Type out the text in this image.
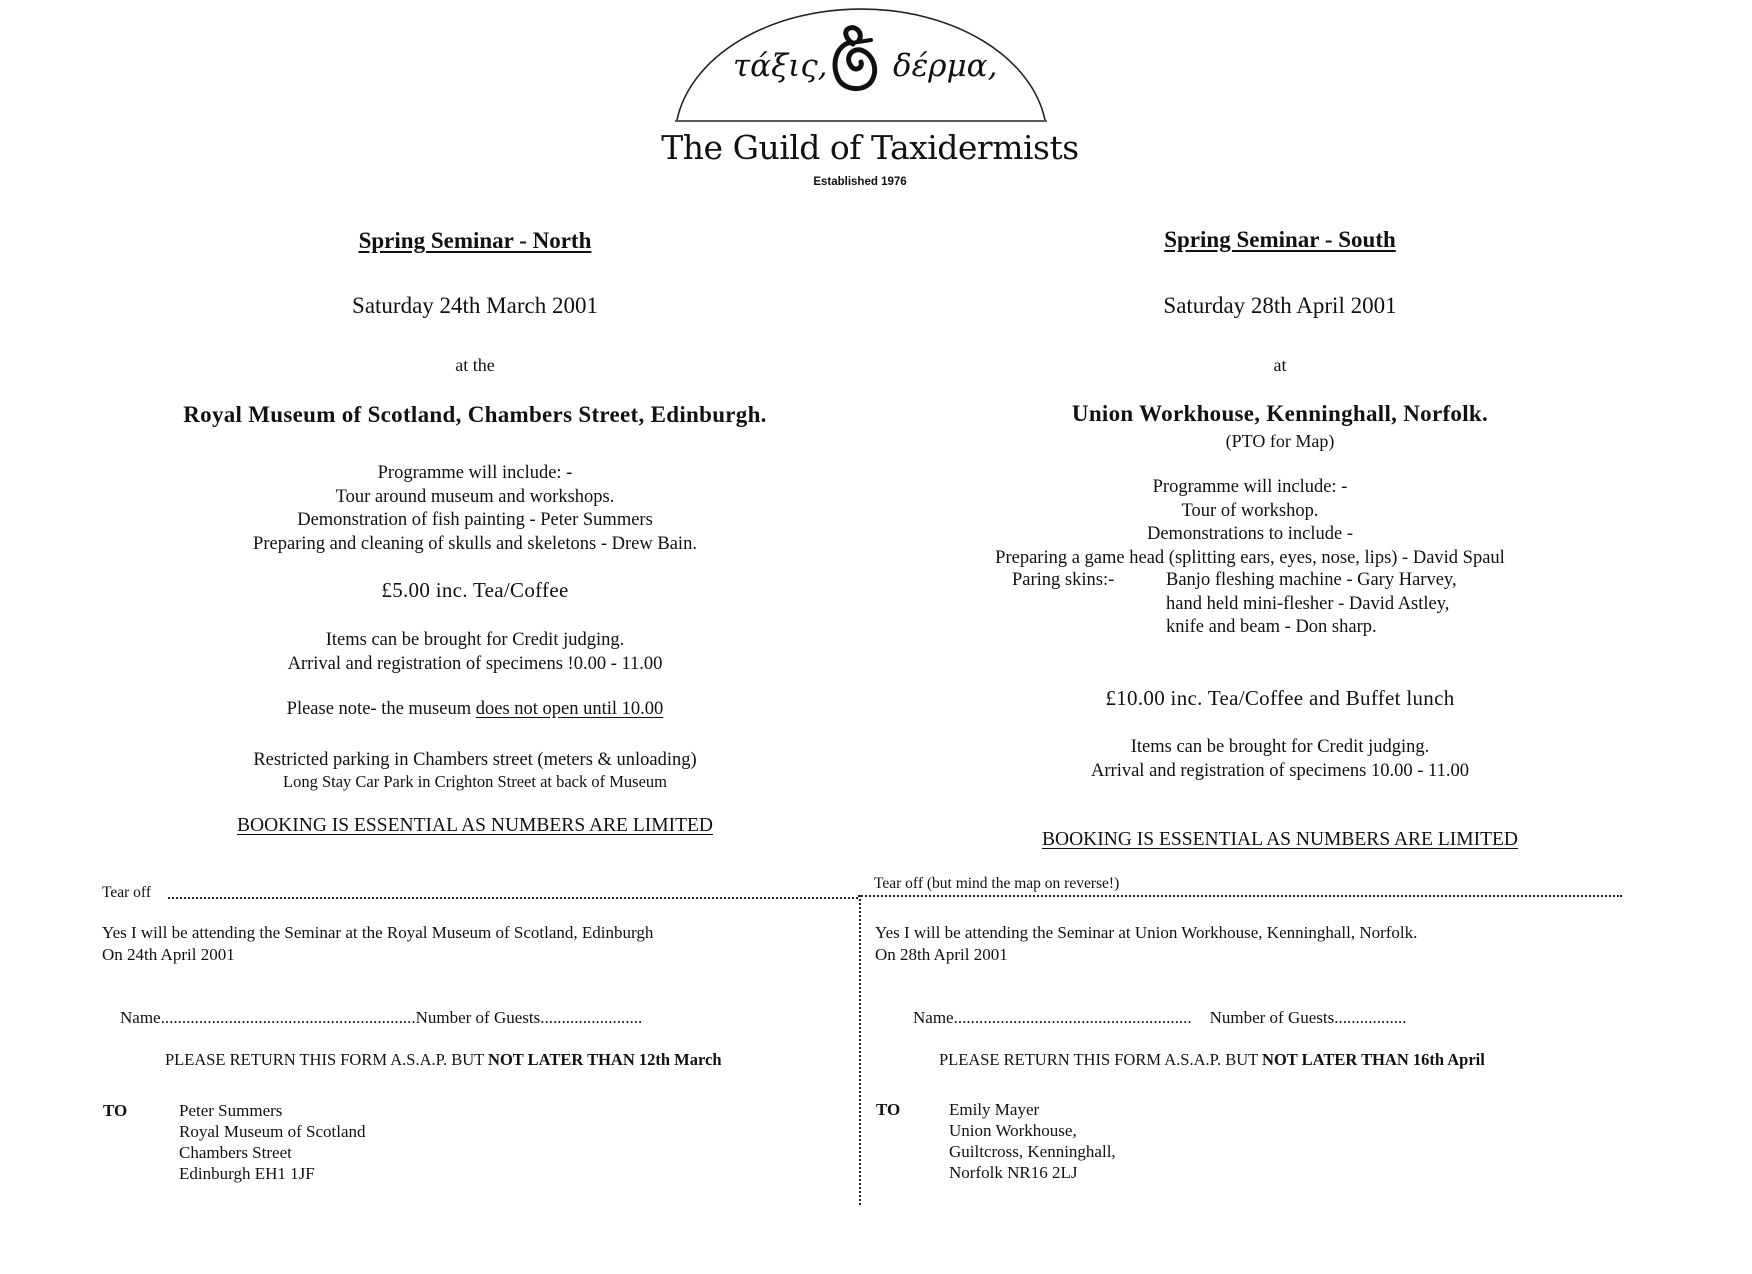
τάξις, δέρμα,
The Guild of Taxidermists
Established 1976
Spring Seminar - North
Saturday 24th March 2001
at the
Royal Museum of Scotland, Chambers Street, Edinburgh.
Programme will include: -
Tour around museum and workshops.
Demonstration of fish painting - Peter Summers
Preparing and cleaning of skulls and skeletons - Drew Bain.
£5.00 inc. Tea/Coffee
Items can be brought for Credit judging.
Arrival and registration of specimens !0.00 - 11.00
Please note- the museum does not open until 10.00
Restricted parking in Chambers street (meters & unloading)
Long Stay Car Park in Crighton Street at back of Museum
BOOKING IS ESSENTIAL AS NUMBERS ARE LIMITED
Spring Seminar - South
Saturday 28th April 2001
at
Union Workhouse, Kenninghall, Norfolk.
(PTO for Map)
Programme will include: -
Tour of workshop.
Demonstrations to include -
Preparing a game head (splitting ears, eyes, nose, lips) - David Spaul
Paring skins:-	Banjo fleshing machine - Gary Harvey,
hand held mini-flesher - David Astley,
knife and beam - Don sharp.
£10.00 inc. Tea/Coffee and Buffet lunch
Items can be brought for Credit judging.
Arrival and registration of specimens 10.00 - 11.00
BOOKING IS ESSENTIAL AS NUMBERS ARE LIMITED
Tear off
Tear off (but mind the map on reverse!)
Yes I will be attending the Seminar at the Royal Museum of Scotland, Edinburgh
On 24th April 2001
Name............................................................Number of Guests........................
PLEASE RETURN THIS FORM A.S.A.P. BUT NOT LATER THAN 12th March
TO	Peter Summers
Royal Museum of Scotland
Chambers Street
Edinburgh EH1 1JF
Yes I will be attending the Seminar at Union Workhouse, Kenninghall, Norfolk.
On 28th April 2001
Name........................................................ Number of Guests.................
PLEASE RETURN THIS FORM A.S.A.P. BUT NOT LATER THAN 16th April
TO	Emily Mayer
Union Workhouse,
Guiltcross, Kenninghall,
Norfolk NR16 2LJ
